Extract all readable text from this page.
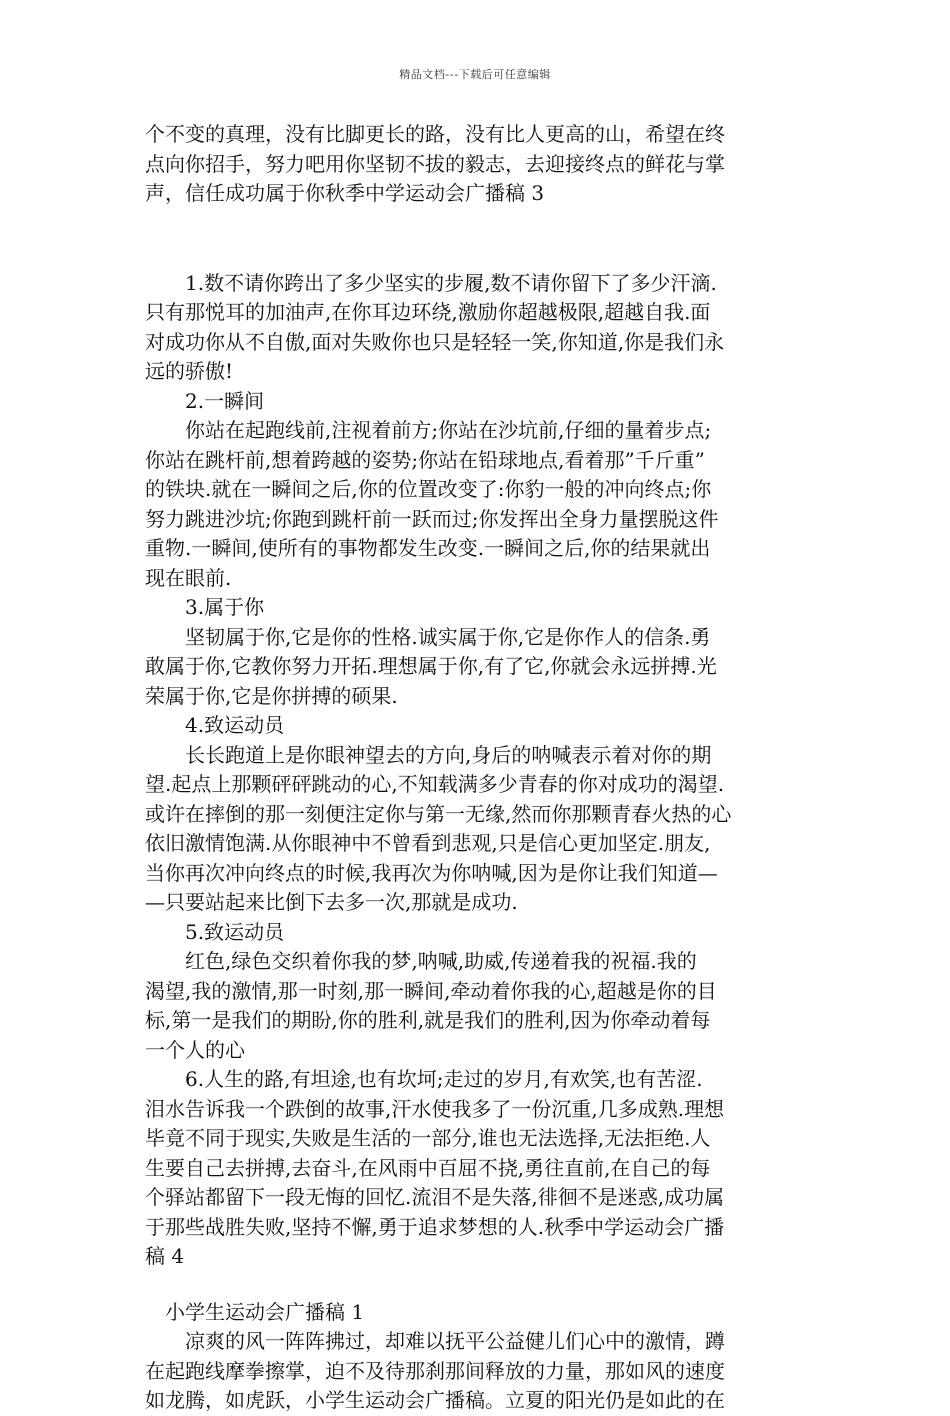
精品文档---下载后可任意编辑
个不变的真理，没有比脚更长的路，没有比人更高的山，希望在终
点向你招手，努力吧用你坚韧不拔的毅志，去迎接终点的鲜花与掌
声，信任成功属于你秋季中学运动会广播稿 3
　　1.数不请你跨出了多少坚实的步履,数不请你留下了多少汗滴.
只有那悦耳的加油声,在你耳边环绕,激励你超越极限,超越自我.面
对成功你从不自傲,面对失败你也只是轻轻一笑,你知道,你是我们永
远的骄傲!
　　2.一瞬间
　　你站在起跑线前,注视着前方;你站在沙坑前,仔细的量着步点;
你站在跳杆前,想着跨越的姿势;你站在铅球地点,看着那”千斤重”
的铁块.就在一瞬间之后,你的位置改变了:你豹一般的冲向终点;你
努力跳进沙坑;你跑到跳杆前一跃而过;你发挥出全身力量摆脱这件
重物.一瞬间,使所有的事物都发生改变.一瞬间之后,你的结果就出
现在眼前.
　　3.属于你
　　坚韧属于你,它是你的性格.诚实属于你,它是你作人的信条.勇
敢属于你,它教你努力开拓.理想属于你,有了它,你就会永远拼搏.光
荣属于你,它是你拼搏的硕果.
　　4.致运动员
　　长长跑道上是你眼神望去的方向,身后的呐喊表示着对你的期
望.起点上那颗砰砰跳动的心,不知载满多少青春的你对成功的渴望.
或许在摔倒的那一刻便注定你与第一无缘,然而你那颗青春火热的心
依旧激情饱满.从你眼神中不曾看到悲观,只是信心更加坚定.朋友,
当你再次冲向终点的时候,我再次为你呐喊,因为是你让我们知道—
—只要站起来比倒下去多一次,那就是成功.
　　5.致运动员
　　红色,绿色交织着你我的梦,呐喊,助威,传递着我的祝福.我的
渴望,我的激情,那一时刻,那一瞬间,牵动着你我的心,超越是你的目
标,第一是我们的期盼,你的胜利,就是我们的胜利,因为你牵动着每
一个人的心
　　6.人生的路,有坦途,也有坎坷;走过的岁月,有欢笑,也有苦涩.
泪水告诉我一个跌倒的故事,汗水使我多了一份沉重,几多成熟.理想
毕竟不同于现实,失败是生活的一部分,谁也无法选择,无法拒绝.人
生要自己去拼搏,去奋斗,在风雨中百屈不挠,勇往直前,在自己的每
个驿站都留下一段无悔的回忆.流泪不是失落,徘徊不是迷惑,成功属
于那些战胜失败,坚持不懈,勇于追求梦想的人.秋季中学运动会广播
稿 4
　小学生运动会广播稿 1
　　凉爽的风一阵阵拂过，却难以抚平公益健儿们心中的激情，蹲
在起跑线摩拳擦掌，迫不及待那刹那间释放的力量，那如风的速度
如龙腾，如虎跃，小学生运动会广播稿。立夏的阳光仍是如此的在
